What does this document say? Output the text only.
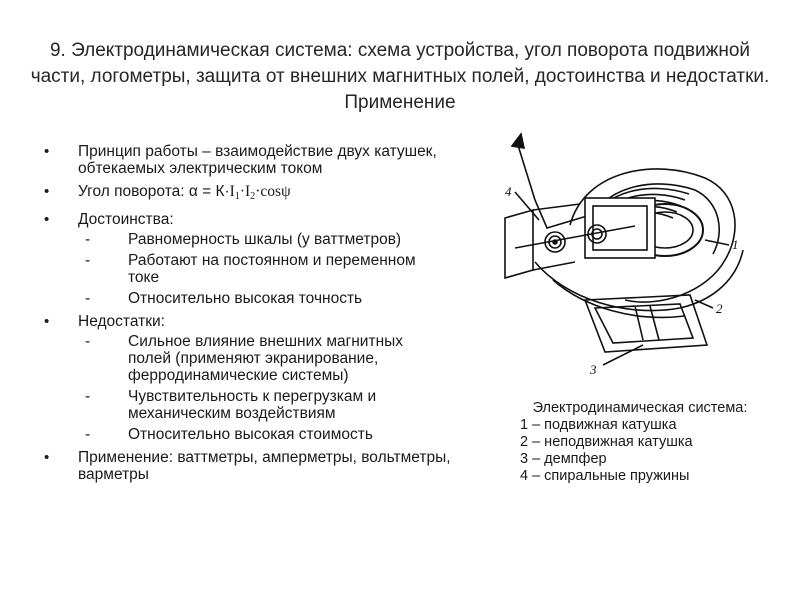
9. Электродинамическая система: схема устройства, угол поворота подвижной части, логометры, защита от внешних магнитных полей, достоинства и недостатки. Применение
• Принцип работы – взаимодействие двух катушек, обтекаемых электрическим током
• Угол поворота: α = К·I1·I2·cosψ
• Достоинства:
- Равномерность шкалы (у ваттметров)
- Работают на постоянном и переменном токе
- Относительно высокая точность
• Недостатки:
- Сильное влияние внешних магнитных полей (применяют экранирование, ферродинамические системы)
- Чувствительность к перегрузкам и механическим воздействиям
- Относительно высокая стоимость
• Применение: ваттметры, амперметры, вольтметры, варметры
4
1
2
3
Электродинамическая система:
1 – подвижная катушка
2 – неподвижная катушка
3 – демпфер
4 – спиральные пружины
